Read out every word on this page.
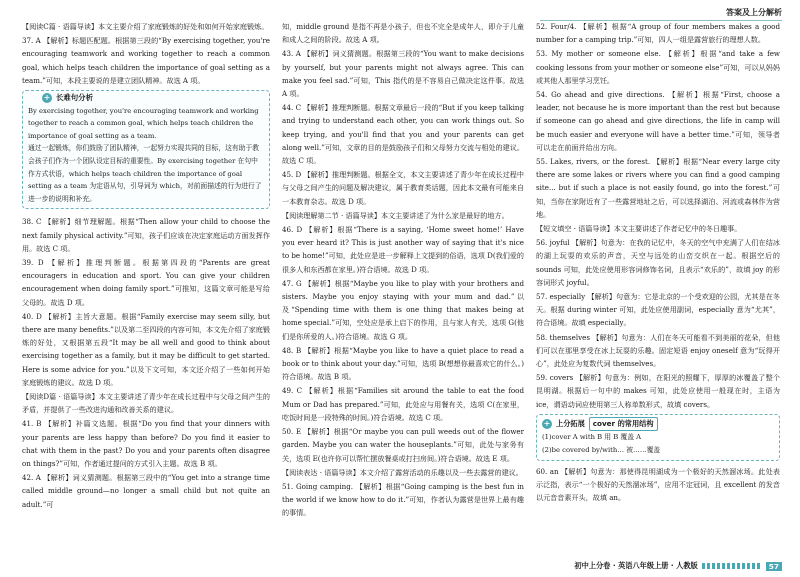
答案及上分解析

【阅读C篇 · 语篇导读】本文主要介绍了家庭锻炼的好处和如何开始家庭锻炼。

37. A 【解析】标题匹配题。根据第三段的“By exercising together, you're encouraging teamwork and working together to reach a common goal, which helps teach children the importance of goal setting as a team.”可知，本段主要说的是建立团队精神。故选 A 项。

+ 长难句分析

By exercising together, you're encouraging teamwork and working together to reach a common goal, which helps teach children the importance of goal setting as a team.

通过一起锻炼，你们鼓励了团队精神，一起努力实现共同的目标，这有助于教会孩子们作为一个团队设定目标的重要性。By exercising together 在句中作方式状语，which helps teach children the importance of goal setting as a team 为定语从句，引导词为 which，对前面描述的行为进行了进一步的说明和补充。

38. C 【解析】细节理解题。根据“Then allow your child to choose the next family physical activity.”可知，孩子们应该在决定家庭运动方面发挥作用。故选 C 项。

39. D 【解析】推理判断题。根据第四段的“Parents are great encouragers in education and sport. You can give your children encouragement when doing family sport.”可推知，这篇文章可能是写给父母的。故选 D 项。

40. D 【解析】主旨大意题。根据“Family exercise may seem silly, but there are many benefits.”以及第二至四段的内容可知，本文先介绍了家庭锻炼的好处，又根据第五段“It may be all well and good to think about exercising together as a family, but it may be difficult to get started. Here is some advice for you.”以及下文可知，本文还介绍了一些如何开始家庭锻炼的建议。故选 D 项。

【阅读D篇 · 语篇导读】本文主要讲述了青少年在成长过程中与父母之间产生的矛盾，并提供了一些改进沟通和改善关系的建议。

41. B 【解析】补篇文选题。根据“Do you find that your dinners with your parents are less happy than before? Do you find it easier to chat with them in the past? Do you and your parents often disagree on things?”可知，作者通过提问的方式引入主题。故选 B 项。

42. A 【解析】词义猜测题。根据第三段中的“You get into a strange time called middle ground—no longer a small child but not quite an adult.”可

知，middle ground 是指不再是小孩子，但也不完全是成年人，即介于儿童和成人之间的阶段。故选 A 项。

43. A 【解析】词义猜测题。根据第三段的“You want to make decisions by yourself, but your parents might not always agree. This can make you feel sad.”可知，This 指代的是不容易自己做决定这件事。故选 A 项。

44. C 【解析】推理判断题。根据文章最后一段的“But if you keep talking and trying to understand each other, you can work things out. So keep trying, and you'll find that you and your parents can get along well.”可知，文章的目的是鼓励孩子们和父母努力交流与相处的建议。故选 C 项。

45. D 【解析】推理判断题。根据全文，本文主要讲述了青少年在成长过程中与父母之间产生的问题及解决建议，属于教育类话题，因此本文最有可能来自一本教育杂志。故选 D 项。

【阅读理解第二节 · 语篇导读】本文主要讲述了为什么家是最好的地方。

46. D 【解析】根据“There is a saying, ‘Home sweet home!’ Have you ever heard it? This is just another way of saying that it's nice to be home!”可知，此处应是进一步解释上文提到的俗语，选项 D(我们爱的很多人和东西都在家里。)符合语境。故选 D 项。

47. G 【解析】根据“Maybe you like to play with your brothers and sisters. Maybe you enjoy staying with your mum and dad.”以及“Spending time with them is one thing that makes being at home special.”可知，空处应是承上启下的作用，且与家人有关，选项 G(他们是你所爱的人。)符合语境。故选 G 项。

48. B 【解析】根据“Maybe you like to have a quiet place to read a book or to think about your day.”可知，选项 B(想想你最喜欢它的什么。)符合语境。故选 B 项。

49. C 【解析】根据“Families sit around the table to eat the food Mum or Dad has prepared.”可知，此处应与用餐有关，选项 C(在家里，吃饭时间是一段特殊的时间。)符合语境。故选 C 项。

50. E 【解析】根据“Or maybe you can pull weeds out of the flower garden. Maybe you can water the houseplants.”可知，此处与家务有关，选项 E(也许你可以帮忙摆放餐桌或打扫房间。)符合语境。故选 E 项。

【阅读表达 · 语篇导读】本文介绍了露营活动的乐趣以及一些去露营的建议。

51. Going camping. 【解析】根据“Going camping is the best fun in the world if we know how to do it.”可知，作者认为露营是世界上最有趣的事情。

52. Four/4. 【解析】根据“A group of four members makes a good number for a camping trip.”可知，四人一组是露营旅行的理想人数。

53. My mother or someone else. 【解析】根据“and take a few cooking lessons from your mother or someone else”可知，可以从妈妈或其他人那里学习烹饪。

54. Go ahead and give directions. 【解析】根据“First, choose a leader, not because he is more important than the rest but because if someone can go ahead and give directions, the life in camp will be much easier and everyone will have a better time.”可知，领导者可以走在前面并给出方向。

55. Lakes, rivers, or the forest. 【解析】根据“Near every large city there are some lakes or rivers where you can find a good camping site... but if such a place is not easily found, go into the forest.”可知，当你在家附近有了一些露营地址之后，可以选择湖泊、河流或森林作为营地。

【短文填空 · 语篇导读】本文主要讲述了作者记忆中的冬日趣事。

56. joyful 【解析】句意为：在我的记忆中，冬天的空气中充满了人们在结冰的湖上玩耍的欢乐的声音，天空与远处的山峦交织在一起。根据空后的 sounds 可知，此处应使用形容词修饰名词，且表示“欢乐的”，故填 joy 的形容词形式 joyful。

57. especially 【解析】句意为：它是北京的一个受欢迎的公园，尤其是在冬天。根据 during winter 可知，此处应使用副词，especially 意为“尤其”，符合语境。故填 especially。

58. themselves 【解析】句意为：人们在冬天可能看不到美丽的花朵，但他们可以在那里享受在冰上玩耍的乐趣。固定短语 enjoy oneself 意为“玩得开心”，此处应为复数代词 themselves。

59. covers 【解析】句意为：例如，在阳光的照耀下，厚厚的冰覆盖了整个昆明湖。根据后一句中的 makes 可知，此处应使用一般现在时，主语为 ice，谓语动词应使用第三人称单数形式，故填 covers。

+ 上分拓展	cover 的常用结构

(1)cover A with B 用 B 覆盖 A

(2)be covered by/with… 被……覆盖

60. an 【解析】句意为：那使得昆明湖成为一个极好的天然溜冰场。此处表示泛指，表示“一个极好的天然溜冰场”，应用不定冠词，且 excellent 的发音以元音音素开头，故填 an。

初中上分卷 · 英语八年级上册 · 人教版	57
